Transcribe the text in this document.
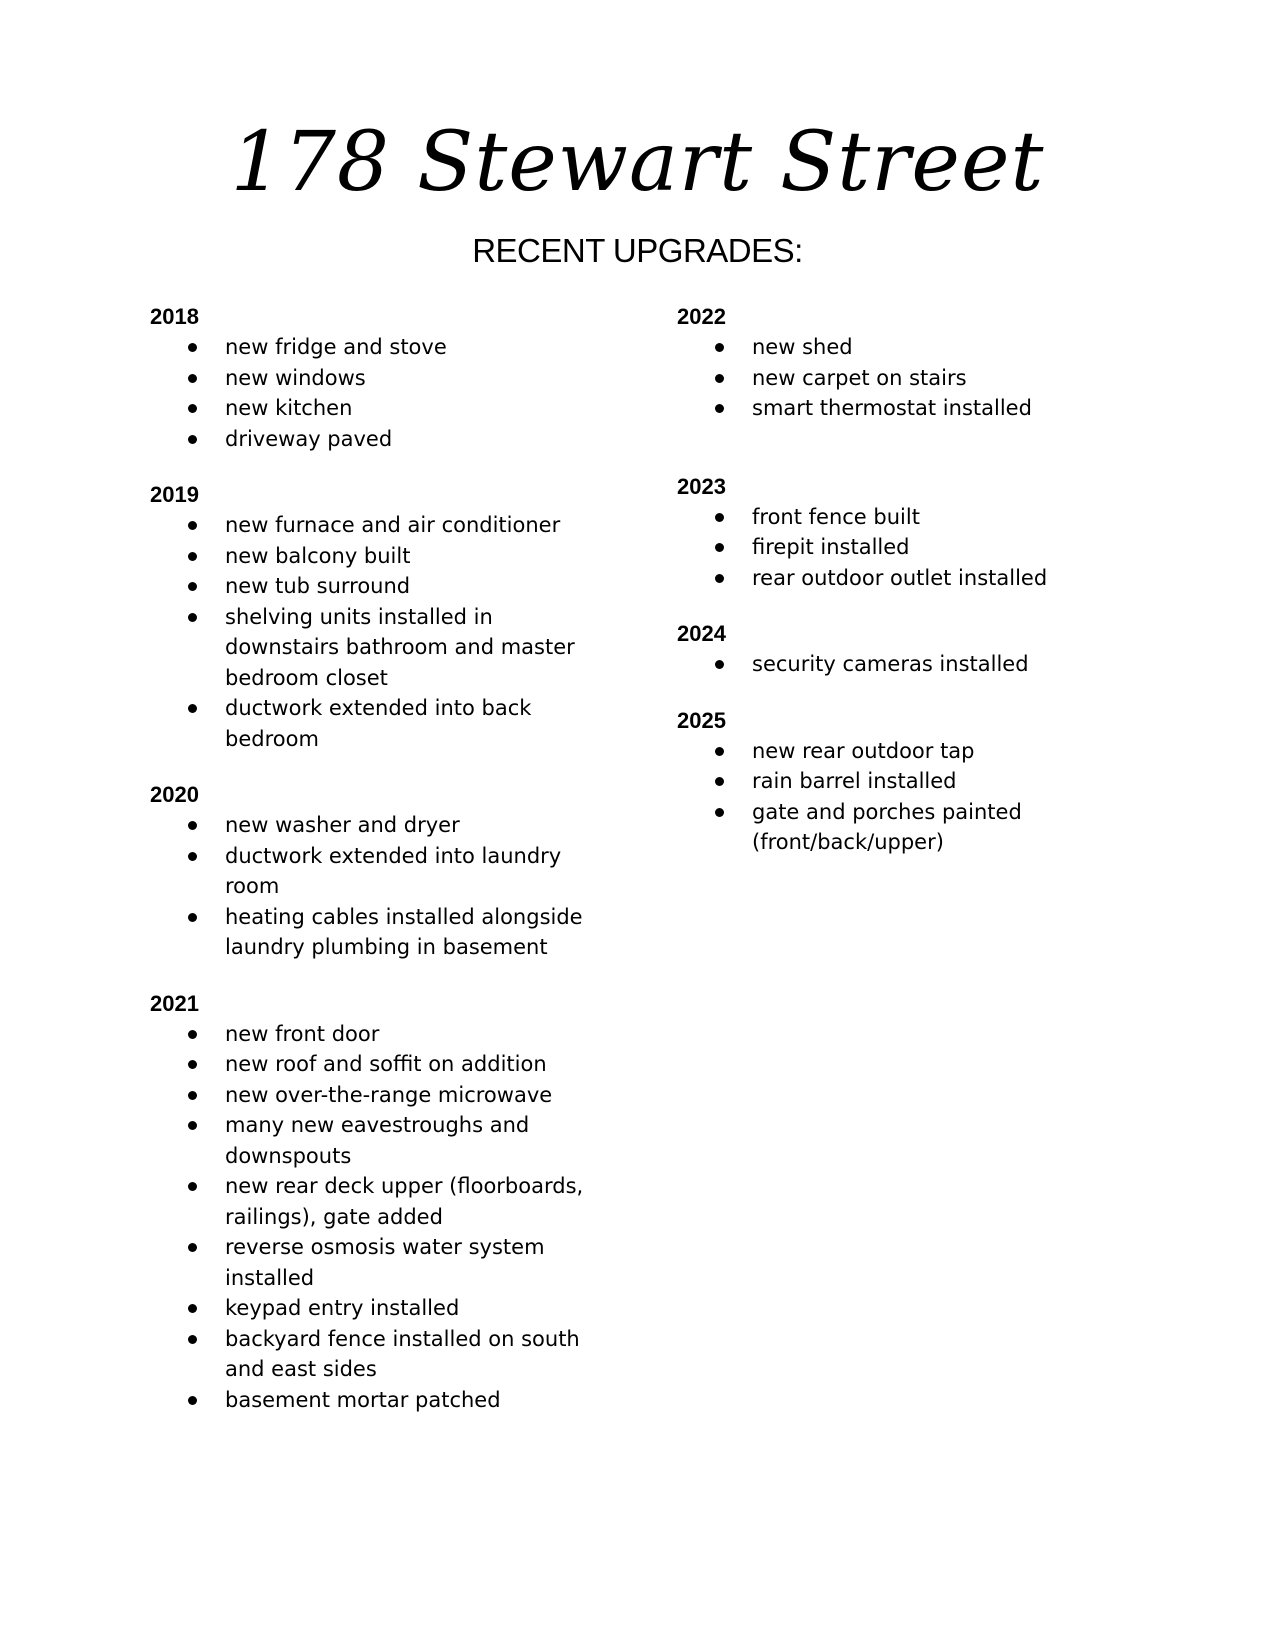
178 Stewart Street
RECENT UPGRADES:
2018
new fridge and stove
new windows
new kitchen
driveway paved
2019
new furnace and air conditioner
new balcony built
new tub surround
shelving units installed in downstairs bathroom and master bedroom closet
ductwork extended into back bedroom
2020
new washer and dryer
ductwork extended into laundry room
heating cables installed alongside laundry plumbing in basement
2021
new front door
new roof and soffit on addition
new over-the-range microwave
many new eavestroughs and downspouts
new rear deck upper (floorboards, railings), gate added
reverse osmosis water system installed
keypad entry installed
backyard fence installed on south and east sides
basement mortar patched
2022
new shed
new carpet on stairs
smart thermostat installed
2023
front fence built
firepit installed
rear outdoor outlet installed
2024
security cameras installed
2025
new rear outdoor tap
rain barrel installed
gate and porches painted (front/back/upper)
